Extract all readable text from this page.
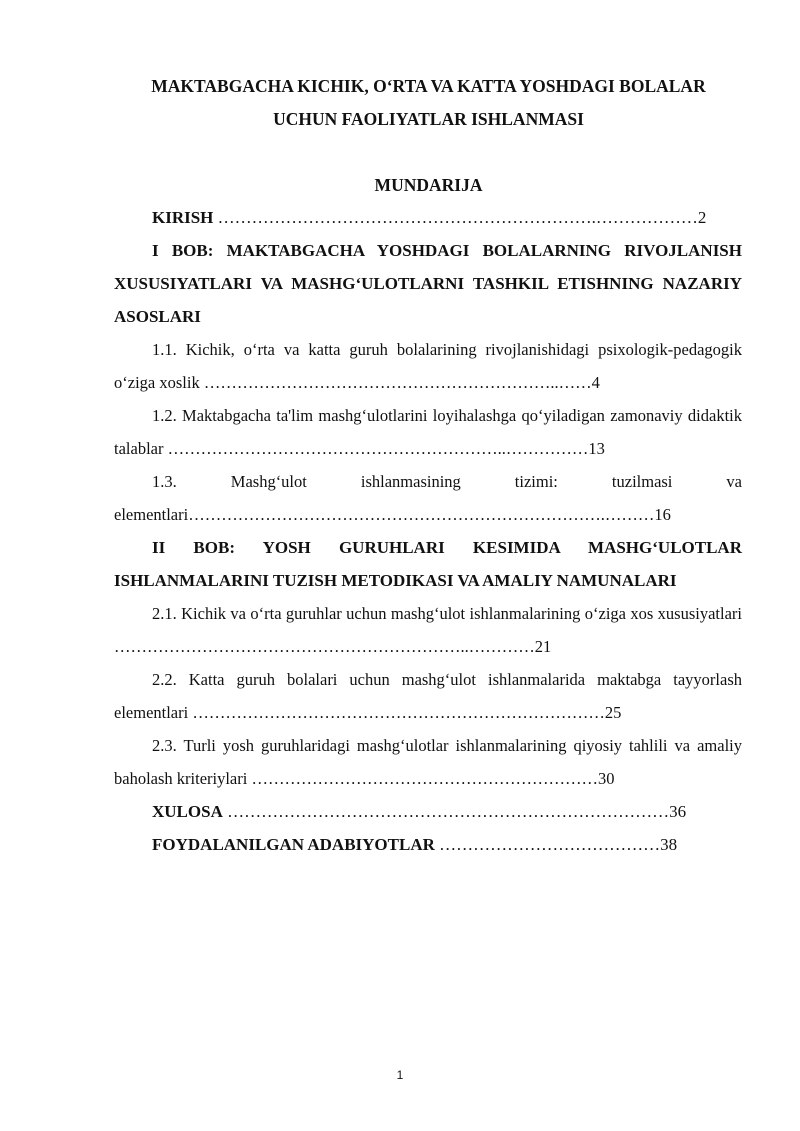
MAKTABGACHA KICHIK, O‘RTA VA KATTA YOSHDAGI BOLALAR
UCHUN FAOLIYATLAR ISHLANMASI
MUNDARIJA
KIRISH ………………………………………………………….………………2
I BOB: MAKTABGACHA YOSHDAGI BOLALARNING RIVOJLANISH XUSUSIYATLARI VA MASHG‘ULOTLARNI TASHKIL ETISHNING NAZARIY ASOSLARI
1.1. Kichik, o‘rta va katta guruh bolalarining rivojlanishidagi psixologik-pedagogik o‘ziga xoslik ………………………………………………………..……4
1.2. Maktabgacha ta'lim mashg‘ulotlarini loyihalashga qo‘yiladigan zamonaviy didaktik talablar ……………………………………………………..……………13
1.3. Mashg‘ulot ishlanmasining tizimi: tuzilmasi va elementlari………………………………………………………………….………16
II BOB: YOSH GURUHLARI KESIMIDA MASHG‘ULOTLAR ISHLANMALARINI TUZISH METODIKASI VA AMALIY NAMUNALARI
2.1. Kichik va o‘rta guruhlar uchun mashg‘ulot ishlanmalarining o‘ziga xos xususiyatlari ………………………………………………………..…………21
2.2. Katta guruh bolalari uchun mashg‘ulot ishlanmalarida maktabga tayyorlash elementlari …………………………………………………………………25
2.3. Turli yosh guruhlaridagi mashg‘ulotlar ishlanmalarining qiyosiy tahlili va amaliy baholash kriteriylari ………………………………………………………30
XULOSA ……………………………………………………………………36
FOYDALANILGAN ADABIYOTLAR …………………………………38
1
